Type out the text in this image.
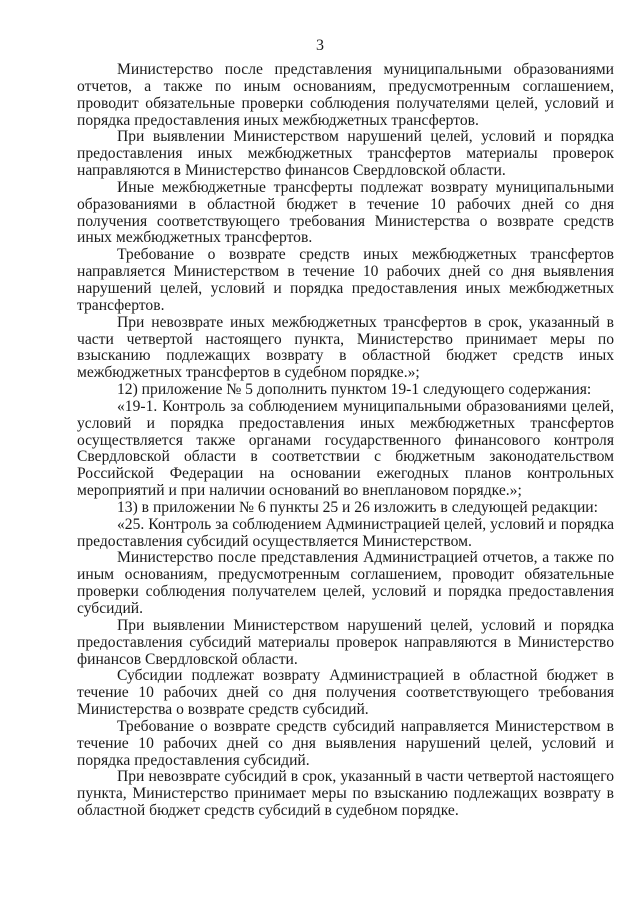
3

Министерство после представления муниципальными образованиями отчетов, а также по иным основаниям, предусмотренным соглашением, проводит обязательные проверки соблюдения получателями целей, условий и порядка предоставления иных межбюджетных трансфертов.

При выявлении Министерством нарушений целей, условий и порядка предоставления иных межбюджетных трансфертов материалы проверок направляются в Министерство финансов Свердловской области.

Иные межбюджетные трансферты подлежат возврату муниципальными образованиями в областной бюджет в течение 10 рабочих дней со дня получения соответствующего требования Министерства о возврате средств иных межбюджетных трансфертов.

Требование о возврате средств иных межбюджетных трансфертов направляется Министерством в течение 10 рабочих дней со дня выявления нарушений целей, условий и порядка предоставления иных межбюджетных трансфертов.

При невозврате иных межбюджетных трансфертов в срок, указанный в части четвертой настоящего пункта, Министерство принимает меры по взысканию подлежащих возврату в областной бюджет средств иных межбюджетных трансфертов в судебном порядке.»;

12) приложение № 5 дополнить пунктом 19-1 следующего содержания:

«19-1. Контроль за соблюдением муниципальными образованиями целей, условий и порядка предоставления иных межбюджетных трансфертов осуществляется также органами государственного финансового контроля Свердловской области в соответствии с бюджетным законодательством Российской Федерации на основании ежегодных планов контрольных мероприятий и при наличии оснований во внеплановом порядке.»;

13) в приложении № 6 пункты 25 и 26 изложить в следующей редакции:

«25. Контроль за соблюдением Администрацией целей, условий и порядка предоставления субсидий осуществляется Министерством.

Министерство после представления Администрацией отчетов, а также по иным основаниям, предусмотренным соглашением, проводит обязательные проверки соблюдения получателем целей, условий и порядка предоставления субсидий.

При выявлении Министерством нарушений целей, условий и порядка предоставления субсидий материалы проверок направляются в Министерство финансов Свердловской области.

Субсидии подлежат возврату Администрацией в областной бюджет в течение 10 рабочих дней со дня получения соответствующего требования Министерства о возврате средств субсидий.

Требование о возврате средств субсидий направляется Министерством в течение 10 рабочих дней со дня выявления нарушений целей, условий и порядка предоставления субсидий.

При невозврате субсидий в срок, указанный в части четвертой настоящего пункта, Министерство принимает меры по взысканию подлежащих возврату в областной бюджет средств субсидий в судебном порядке.
